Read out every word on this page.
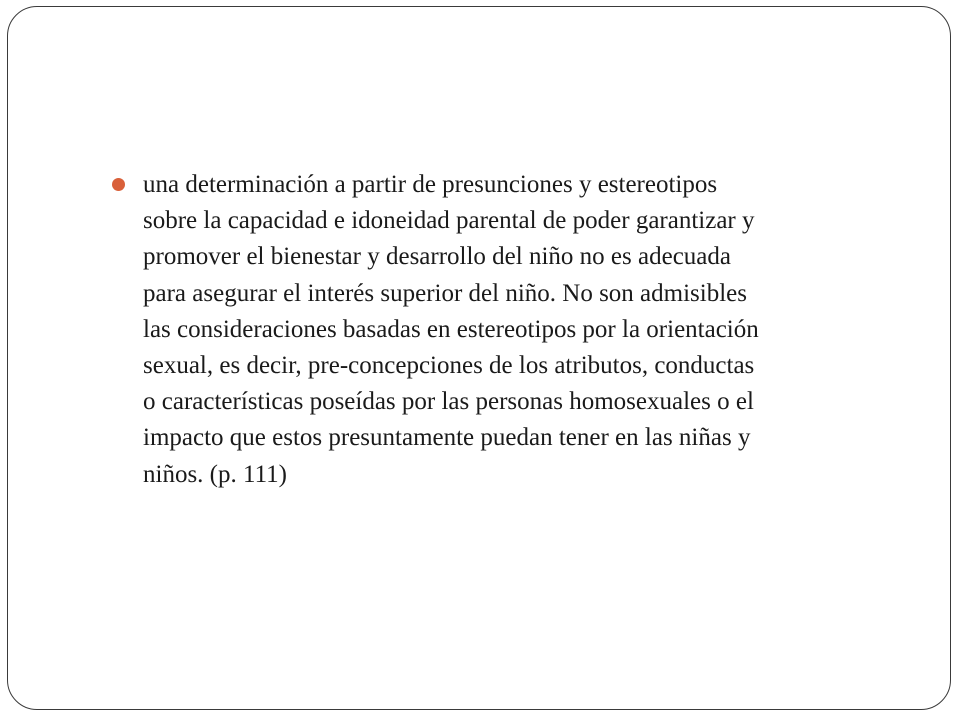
una determinación a partir de presunciones y estereotipos
sobre la capacidad e idoneidad parental de poder garantizar y
promover el bienestar y desarrollo del niño no es adecuada
para asegurar el interés superior del niño. No son admisibles
las consideraciones basadas en estereotipos por la orientación
sexual, es decir, pre-concepciones de los atributos, conductas
o características poseídas por las personas homosexuales o el
impacto que estos presuntamente puedan tener en las niñas y
niños. (p. 111)
